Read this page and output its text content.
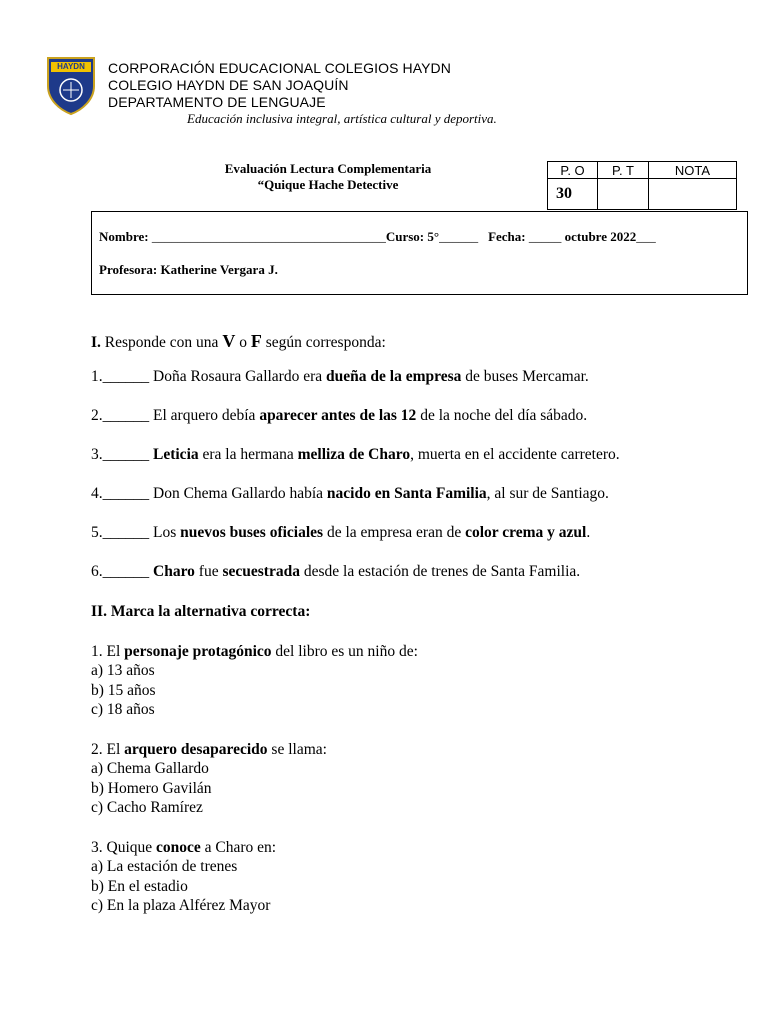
HAYDN CORPORACIÓN EDUCACIONAL COLEGIOS HAYDN
COLEGIO HAYDN DE SAN JOAQUÍN
DEPARTAMENTO DE LENGUAJE
Educación inclusiva integral, artística cultural y deportiva.
Evaluación Lectura Complementaria
“Quique Hache Detective
P. O	P. T	NOTA
30		
Nombre: ____________________________________Curso: 5°______ Fecha: _____ octubre 2022___
Profesora: Katherine Vergara J.
I. Responde con una V o F según corresponda:
1.______ Doña Rosaura Gallardo era dueña de la empresa de buses Mercamar.
2.______ El arquero debía aparecer antes de las 12 de la noche del día sábado.
3.______ Leticia era la hermana melliza de Charo, muerta en el accidente carretero.
4.______ Don Chema Gallardo había nacido en Santa Familia, al sur de Santiago.
5.______ Los nuevos buses oficiales de la empresa eran de color crema y azul.
6.______ Charo fue secuestrada desde la estación de trenes de Santa Familia.
II. Marca la alternativa correcta:
1. El personaje protagónico del libro es un niño de:
a) 13 años
b) 15 años
c) 18 años
2. El arquero desaparecido se llama:
a) Chema Gallardo
b) Homero Gavilán
c) Cacho Ramírez
3. Quique conoce a Charo en:
a) La estación de trenes
b) En el estadio
c) En la plaza Alférez Mayor
